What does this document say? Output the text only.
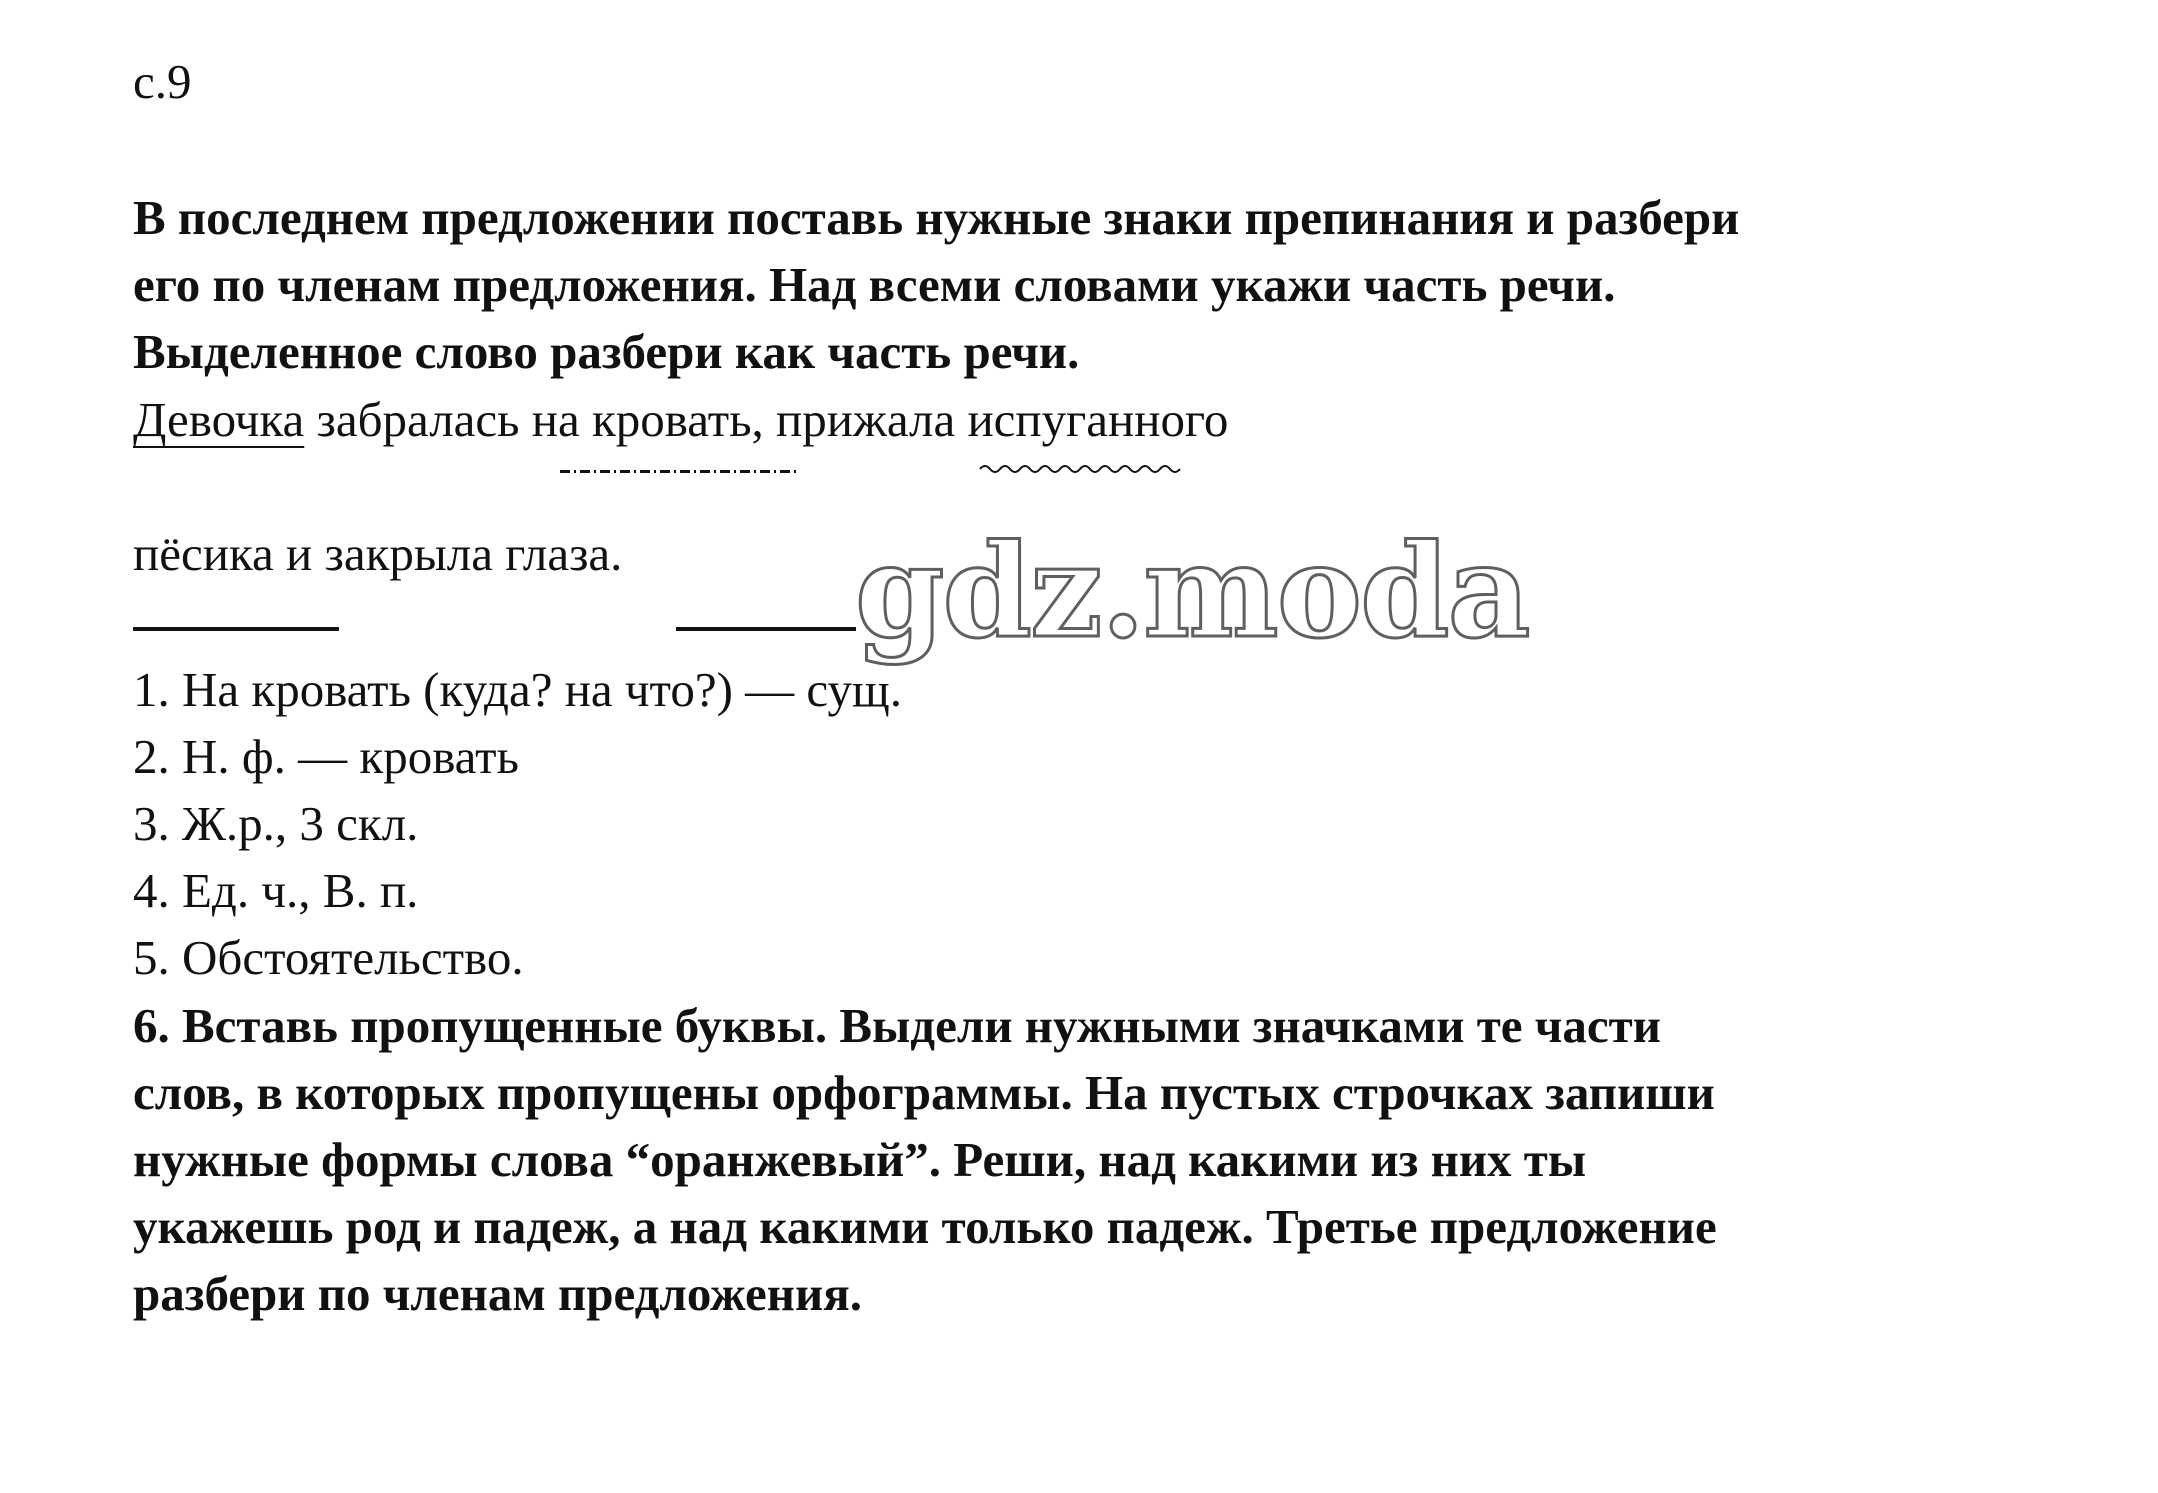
с.9
В последнем предложении поставь нужные знаки препинания и разбери
его по членам предложения. Над всеми словами укажи часть речи.
Выделенное слово разбери как часть речи.
Девочка забралась на кровать, прижала испуганного
пёсика и закрыла глаза. gdz.moda
1. На кровать (куда? на что?) — сущ.
2. Н. ф. — кровать
3. Ж.р., 3 скл.
4. Ед. ч., В. п.
5. Обстоятельство.
6. Вставь пропущенные буквы. Выдели нужными значками те части
слов, в которых пропущены орфограммы. На пустых строчках запиши
нужные формы слова “оранжевый”. Реши, над какими из них ты
укажешь род и падеж, а над какими только падеж. Третье предложение
разбери по членам предложения.
